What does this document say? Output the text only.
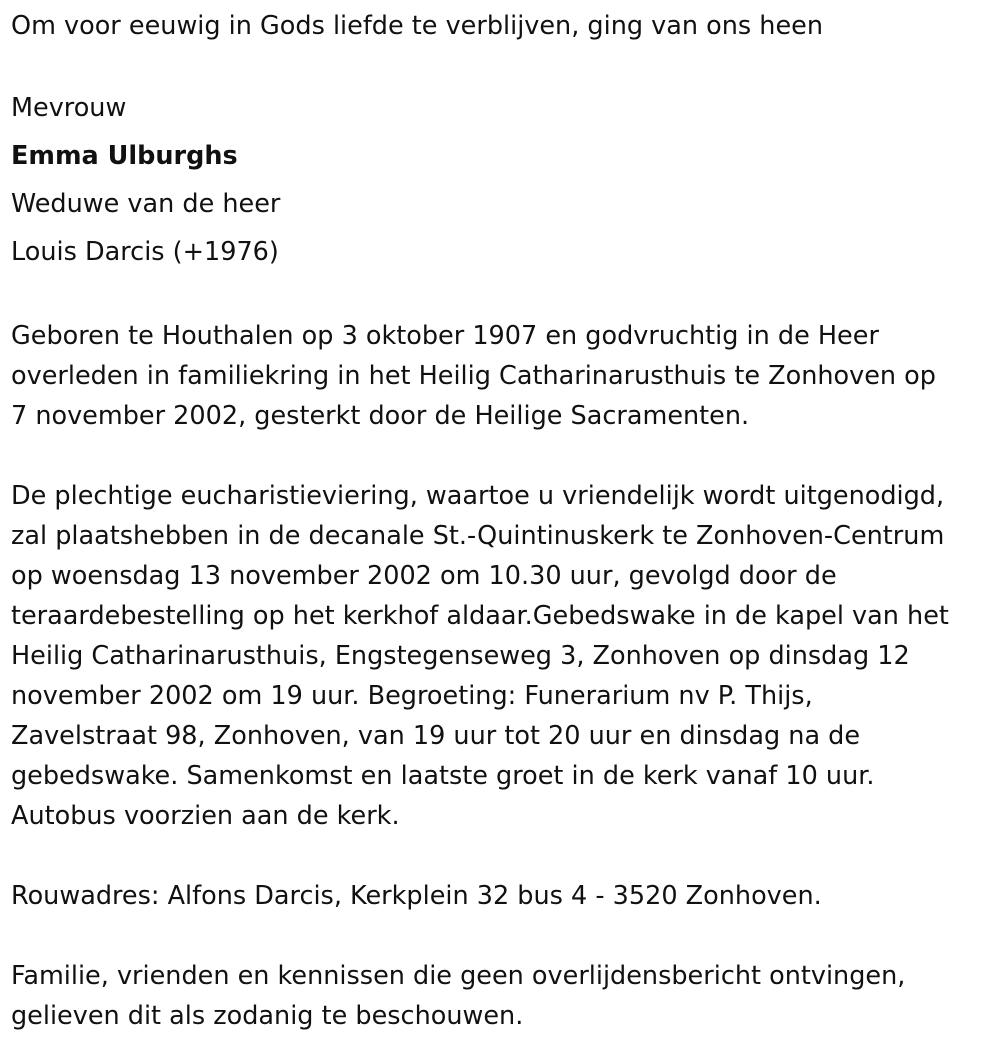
Om voor eeuwig in Gods liefde te verblijven, ging van ons heen

Mevrouw

Emma Ulburghs

Weduwe van de heer

Louis Darcis (+1976)

Geboren te Houthalen op 3 oktober 1907 en godvruchtig in de Heer
overleden in familiekring in het Heilig Catharinarusthuis te Zonhoven op
7 november 2002, gesterkt door de Heilige Sacramenten.
De plechtige eucharistieviering, waartoe u vriendelijk wordt uitgenodigd,
zal plaatshebben in de decanale St.-Quintinuskerk te Zonhoven-Centrum
op woensdag 13 november 2002 om 10.30 uur, gevolgd door de
teraardebestelling op het kerkhof aldaar.Gebedswake in de kapel van het
Heilig Catharinarusthuis, Engstegenseweg 3, Zonhoven op dinsdag 12
november 2002 om 19 uur. Begroeting: Funerarium nv P. Thijs,
Zavelstraat 98, Zonhoven, van 19 uur tot 20 uur en dinsdag na de
gebedswake. Samenkomst en laatste groet in de kerk vanaf 10 uur.
Autobus voorzien aan de kerk.

Rouwadres: Alfons Darcis, Kerkplein 32 bus 4 - 3520 Zonhoven.

Familie, vrienden en kennissen die geen overlijdensbericht ontvingen,
gelieven dit als zodanig te beschouwen.
